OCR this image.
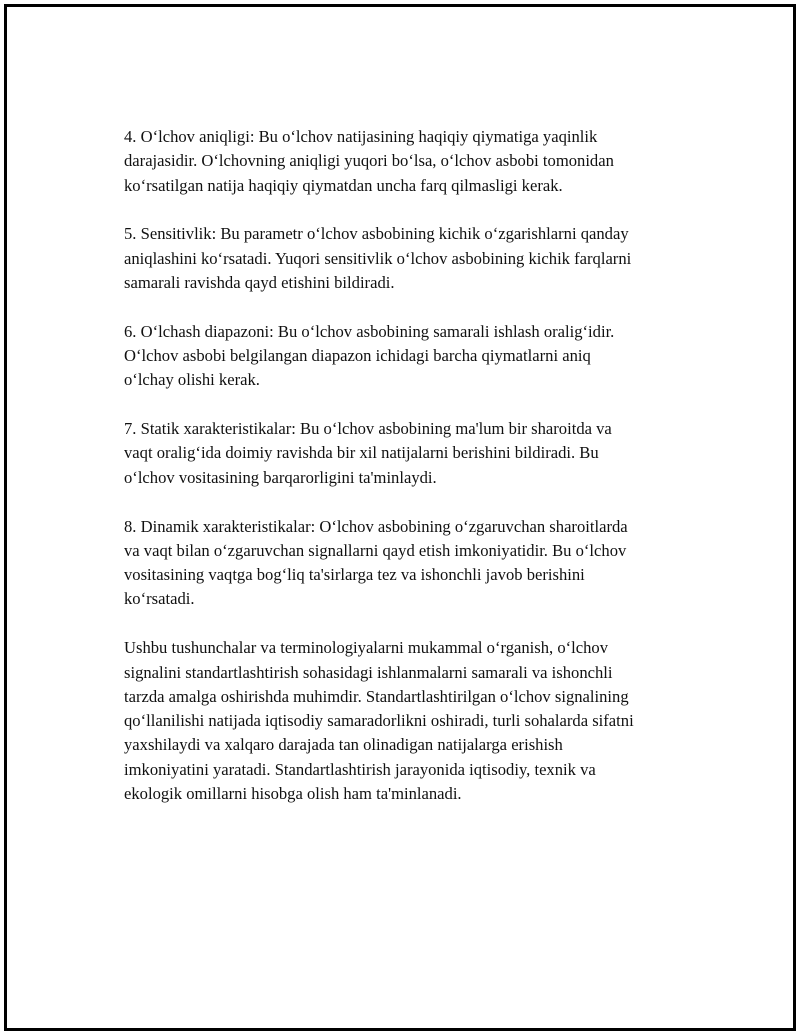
4. O‘lchov aniqligi: Bu o‘lchov natijasining haqiqiy qiymatiga yaqinlik
darajasidir. O‘lchovning aniqligi yuqori bo‘lsa, o‘lchov asbobi tomonidan
ko‘rsatilgan natija haqiqiy qiymatdan uncha farq qilmasligi kerak.

5. Sensitivlik: Bu parametr o‘lchov asbobining kichik o‘zgarishlarni qanday
aniqlashini ko‘rsatadi. Yuqori sensitivlik o‘lchov asbobining kichik farqlarni
samarali ravishda qayd etishini bildiradi.

6. O‘lchash diapazoni: Bu o‘lchov asbobining samarali ishlash oralig‘idir.
O‘lchov asbobi belgilangan diapazon ichidagi barcha qiymatlarni aniq
o‘lchay olishi kerak.

7. Statik xarakteristikalar: Bu o‘lchov asbobining ma'lum bir sharoitda va
vaqt oralig‘ida doimiy ravishda bir xil natijalarni berishini bildiradi. Bu
o‘lchov vositasining barqarorligini ta'minlaydi.

8. Dinamik xarakteristikalar: O‘lchov asbobining o‘zgaruvchan sharoitlarda
va vaqt bilan o‘zgaruvchan signallarni qayd etish imkoniyatidir. Bu o‘lchov
vositasining vaqtga bog‘liq ta'sirlarga tez va ishonchli javob berishini
ko‘rsatadi.

Ushbu tushunchalar va terminologiyalarni mukammal o‘rganish, o‘lchov
signalini standartlashtirish sohasidagi ishlanmalarni samarali va ishonchli
tarzda amalga oshirishda muhimdir. Standartlashtirilgan o‘lchov signalining
qo‘llanilishi natijada iqtisodiy samaradorlikni oshiradi, turli sohalarda sifatni
yaxshilaydi va xalqaro darajada tan olinadigan natijalarga erishish
imkoniyatini yaratadi. Standartlashtirish jarayonida iqtisodiy, texnik va
ekologik omillarni hisobga olish ham ta'minlanadi.
